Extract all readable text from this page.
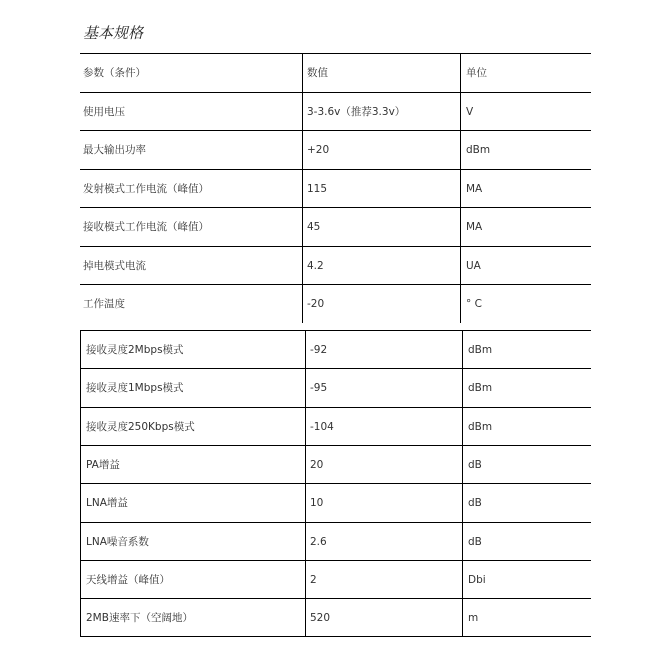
基本规格
参数（条件）	数值	单位
使用电压	3-3.6v（推荐3.3v）	V
最大输出功率	+20	dBm
发射模式工作电流（峰值）	115	MA
接收模式工作电流（峰值）	45	MA
掉电模式电流	4.2	UA
工作温度	-20	° C
接收灵度2Mbps模式	-92	dBm
接收灵度1Mbps模式	-95	dBm
接收灵度250Kbps模式	-104	dBm
PA增益	20	dB
LNA增益	10	dB
LNA噪音系数	2.6	dB
天线增益（峰值）	2	Dbi
2MB速率下（空阔地）	520	m
